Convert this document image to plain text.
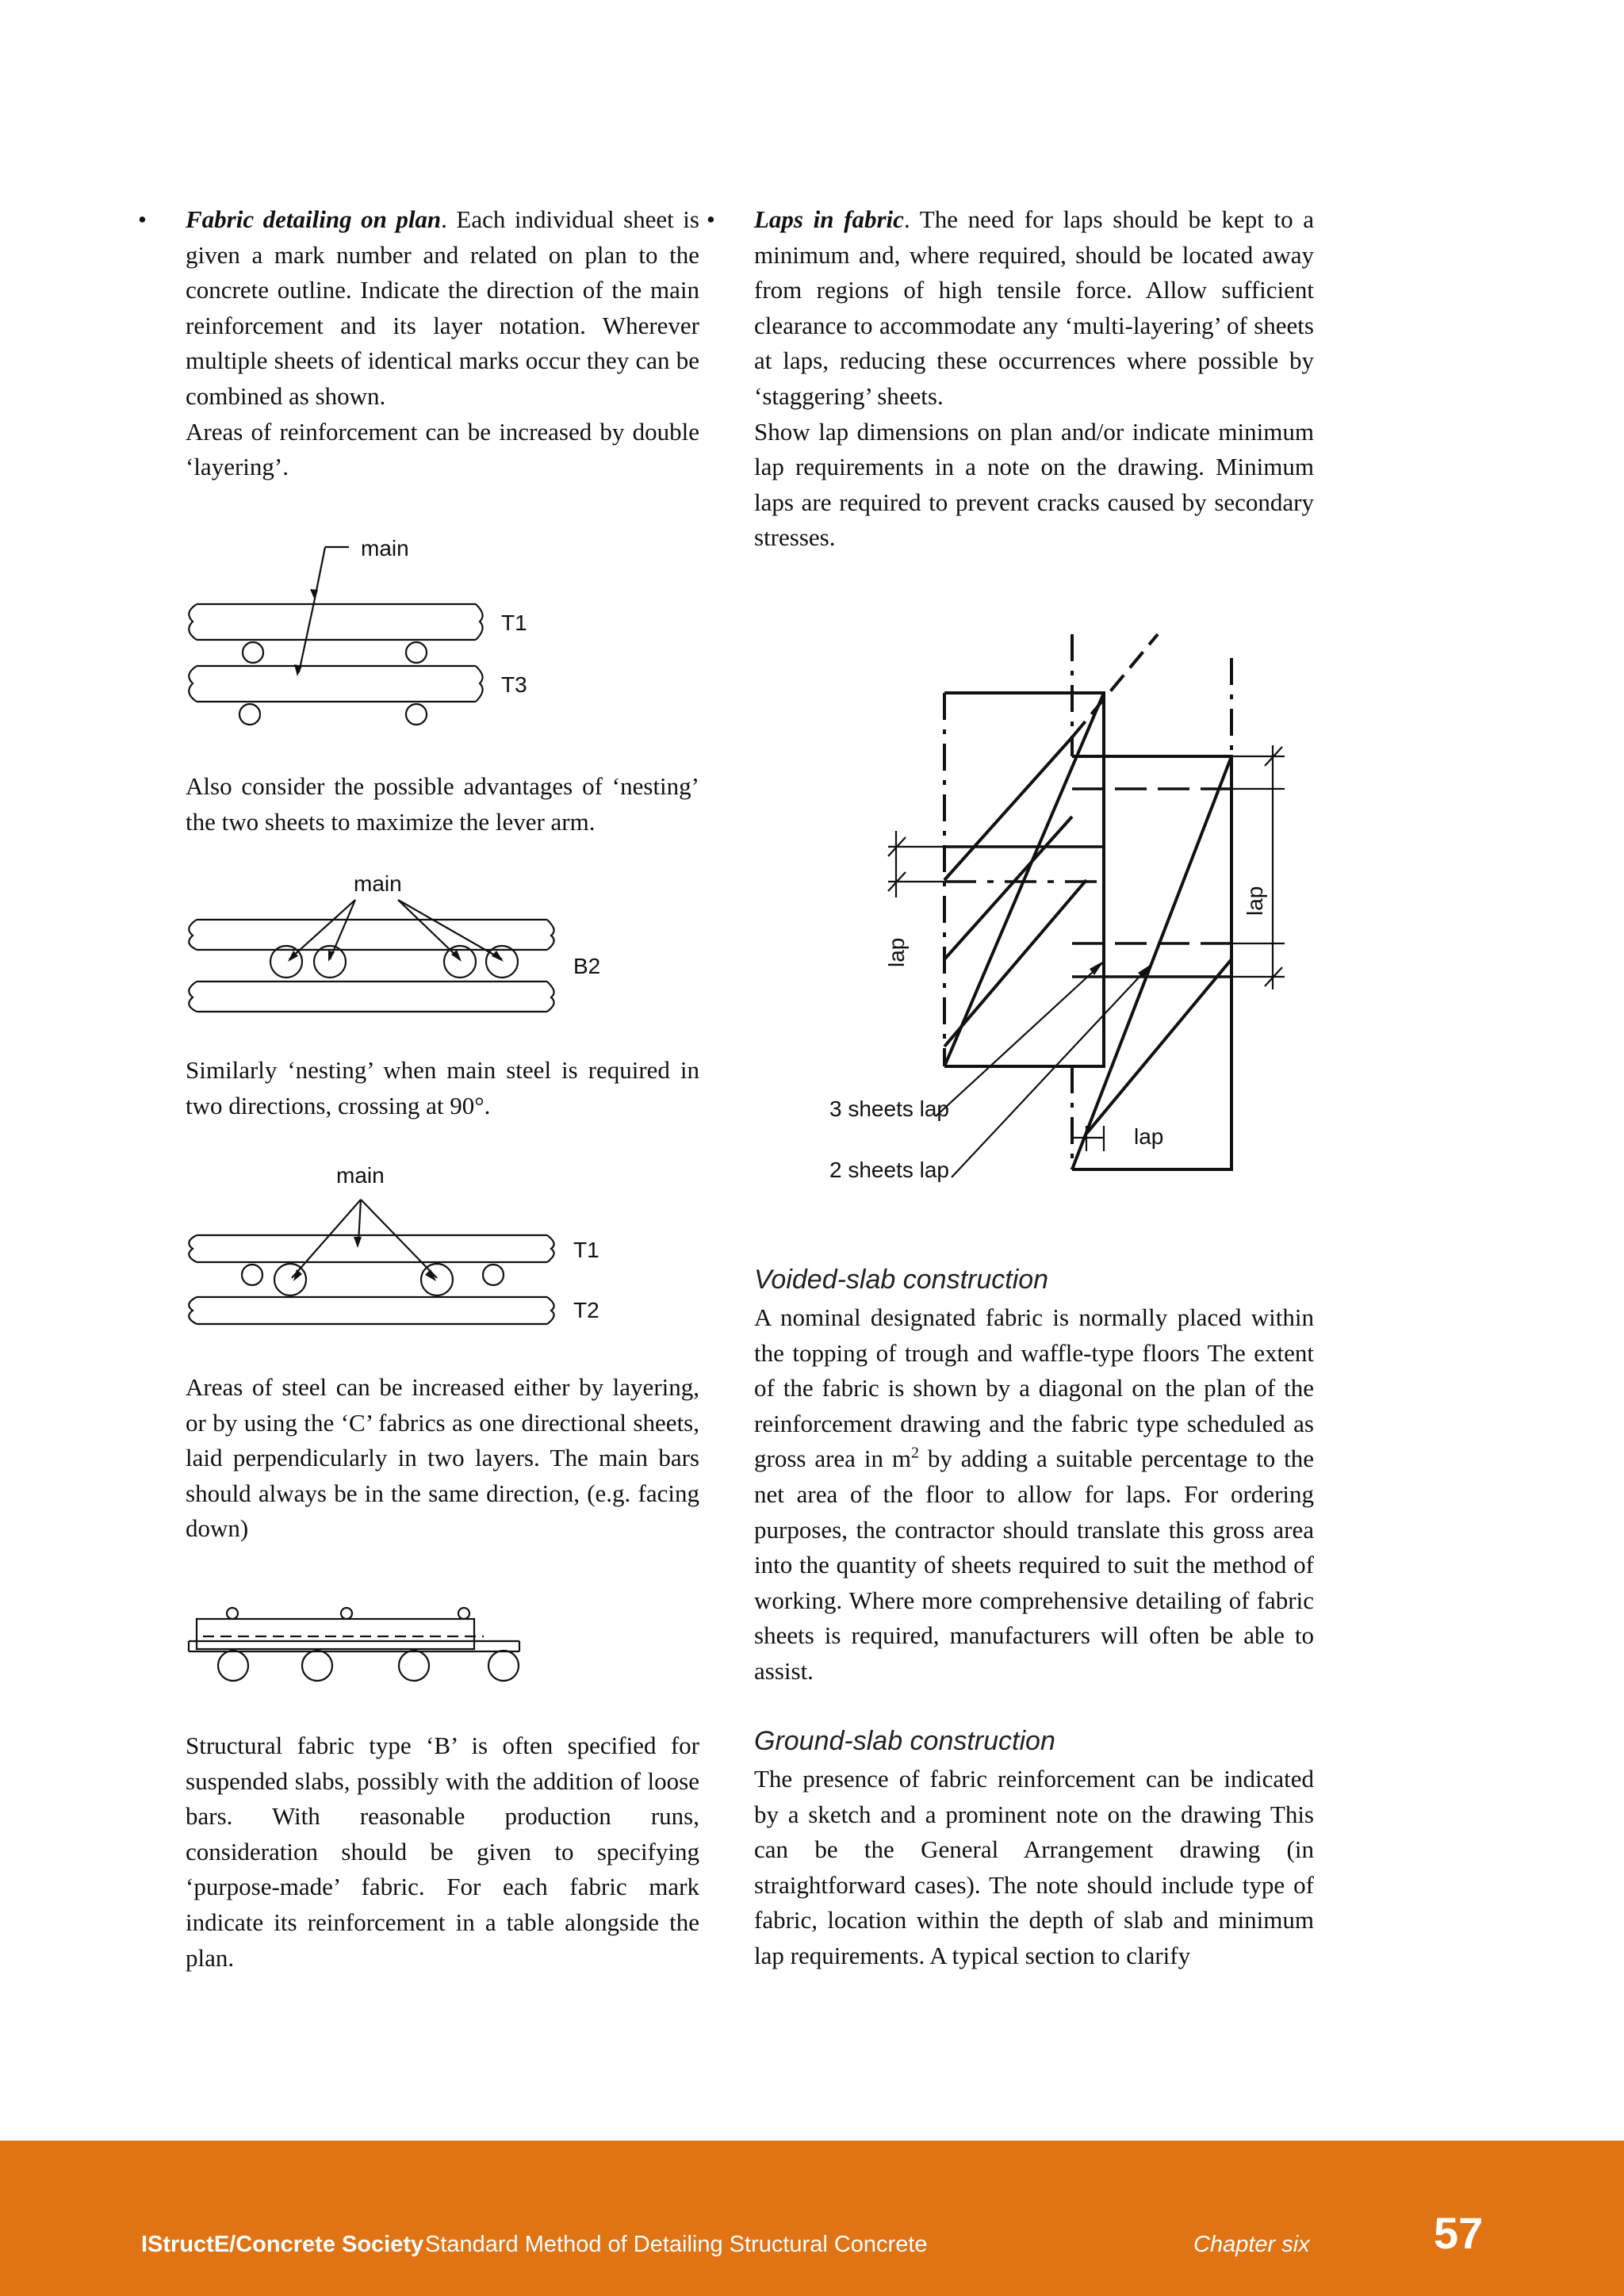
• Fabric detailing on plan. Each individual sheet is given a mark number and related on plan to the concrete outline. Indicate the direction of the main reinforcement and its layer notation. Wherever multiple sheets of identical marks occur they can be combined as shown.

Areas of reinforcement can be increased by double ‘layering’.

main
T1
T3

Also consider the possible advantages of ‘nesting’ the two sheets to maximize the lever arm.

main
B2

Similarly ‘nesting’ when main steel is required in two directions, crossing at 90°.

main
T1
T2

Areas of steel can be increased either by layering, or by using the ‘C’ fabrics as one directional sheets, laid perpendicularly in two layers. The main bars should always be in the same direction, (e.g. facing down)

Structural fabric type ‘B’ is often specified for suspended slabs, possibly with the addition of loose bars. With reasonable production runs, consideration should be given to specifying ‘purpose-made’ fabric. For each fabric mark indicate its reinforcement in a table alongside the plan.

• Laps in fabric. The need for laps should be kept to a minimum and, where required, should be located away from regions of high tensile force. Allow sufficient clearance to accommodate any ‘multi-layering’ of sheets at laps, reducing these occurrences where possible by ‘staggering’ sheets.

Show lap dimensions on plan and/or indicate minimum lap requirements in a note on the drawing. Minimum laps are required to prevent cracks caused by secondary stresses.

lap
lap
lap
3 sheets lap
2 sheets lap
Voided-slab construction

A nominal designated fabric is normally placed within the topping of trough and waffle-type floors The extent of the fabric is shown by a diagonal on the plan of the reinforcement drawing and the fabric type scheduled as gross area in $m^2$ by adding a suitable percentage to the net area of the floor to allow for laps. For ordering purposes, the contractor should translate this gross area into the quantity of sheets required to suit the method of working. Where more comprehensive detailing of fabric sheets is required, manufacturers will often be able to assist.

Ground-slab construction

The presence of fabric reinforcement can be indicated by a sketch and a prominent note on the drawing This can be the General Arrangement drawing (in straightforward cases). The note should include type of fabric, location within the depth of slab and minimum lap requirements. A typical section to clarify

IStructE/Concrete Society Standard Method of Detailing Structural Concrete	Chapter six	57
